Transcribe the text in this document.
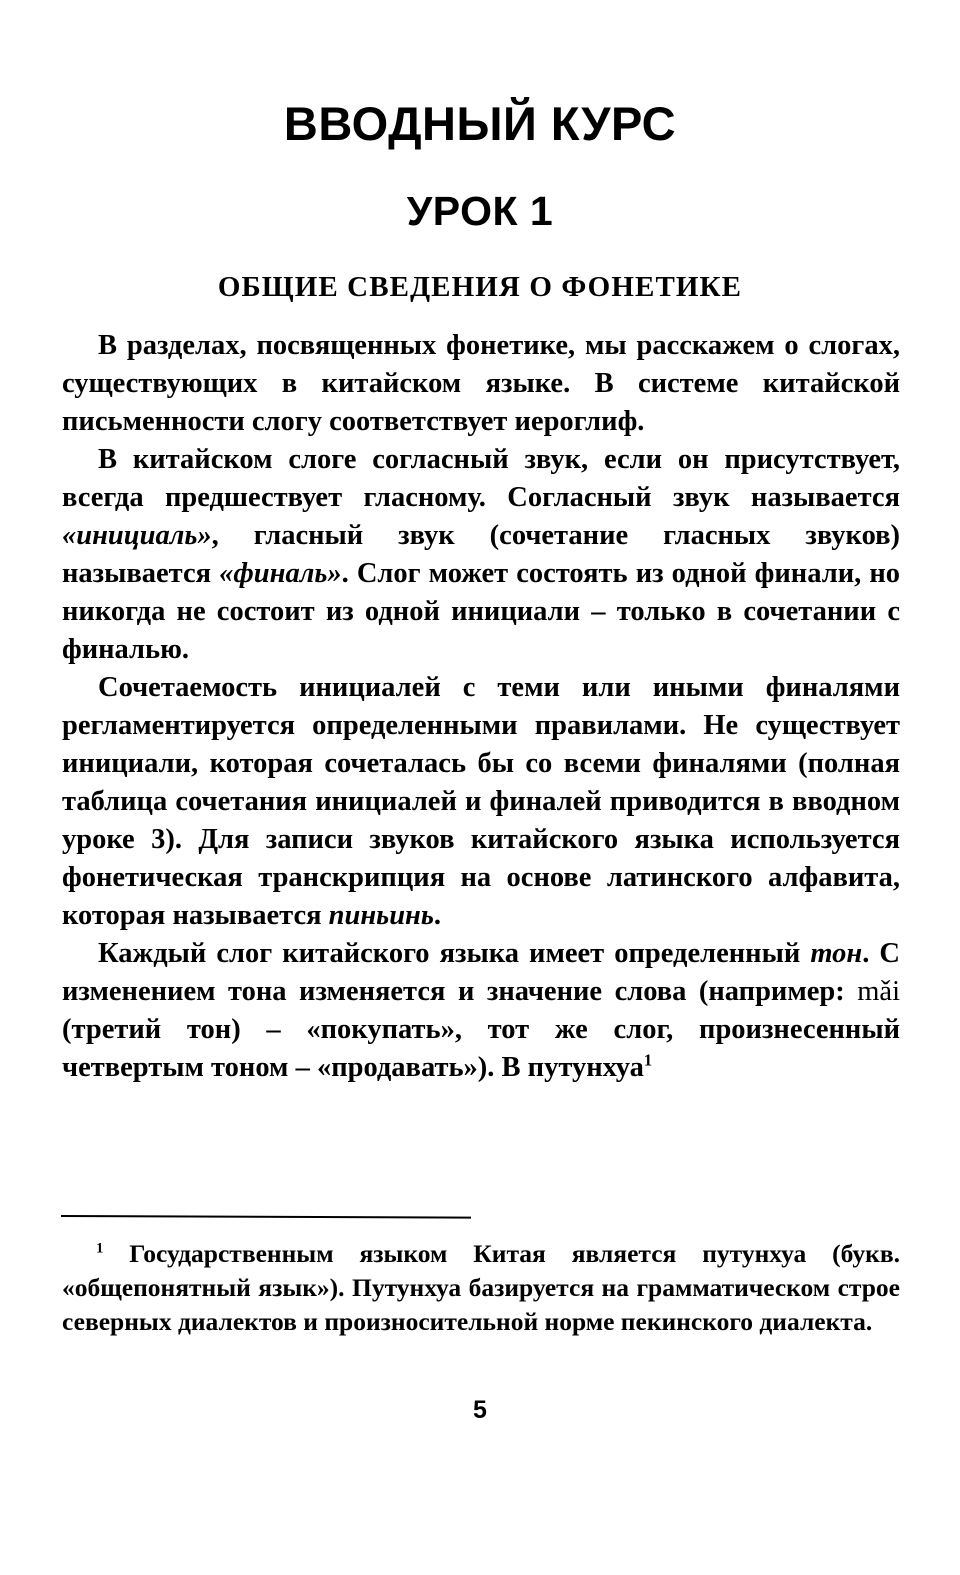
ВВОДНЫЙ КУРС
УРОК 1
ОБЩИЕ СВЕДЕНИЯ О ФОНЕТИКЕ

В разделах, посвященных фонетике, мы расскажем о слогах, существующих в китайском языке. В системе китайской письменности слогу соответствует иероглиф.

В китайском слоге согласный звук, если он присутствует, всегда предшествует гласному. Согласный звук называется «инициаль», гласный звук (сочетание гласных звуков) называется «финаль». Слог может состоять из одной финали, но никогда не состоит из одной инициали – только в сочетании с финалью.

Сочетаемость инициалей с теми или иными финалями регламентируется определенными правилами. Не существует инициали, которая сочеталась бы со всеми финалями (полная таблица сочетания инициалей и финалей приводится в вводном уроке 3). Для записи звуков китайского языка используется фонетическая транскрипция на основе латинского алфавита, которая называется пиньинь.

Каждый слог китайского языка имеет определенный тон. С изменением тона изменяется и значение слова (например: mǎi (третий тон) – «покупать», тот же слог, произнесенный четвертым тоном – «продавать»). В путунхуа$^1$

$^1$ Государственным языком Китая является путунхуа (букв. «общепонятный язык»). Путунхуа базируется на грамматическом строе северных диалектов и произносительной норме пекинского диалекта.

5
